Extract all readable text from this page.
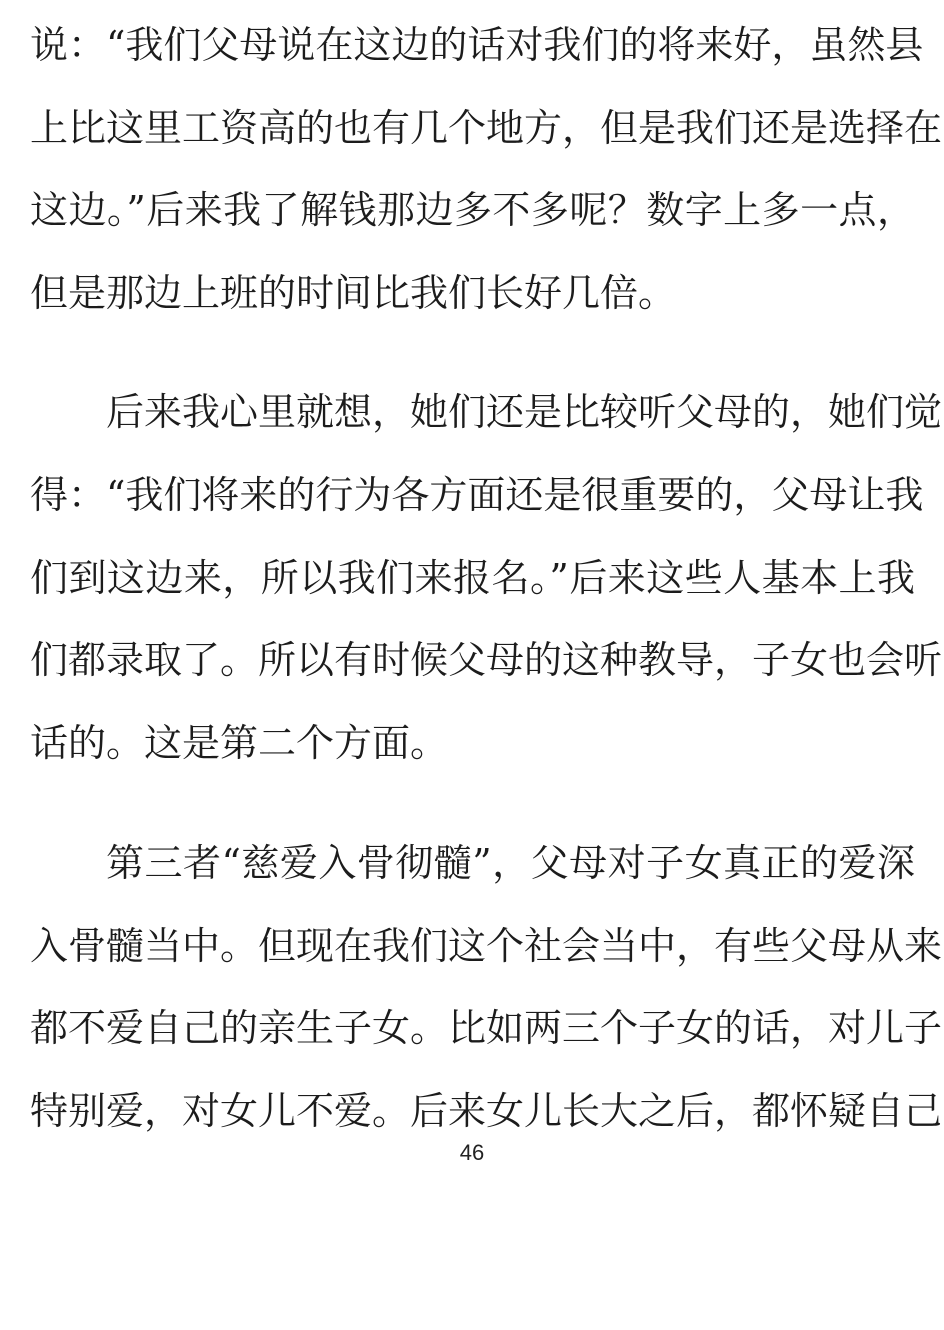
说：“我们父母说在这边的话对我们的将来好，虽然县
上比这里工资高的也有几个地方，但是我们还是选择在
这边。”后来我了解钱那边多不多呢？数字上多一点，
但是那边上班的时间比我们长好几倍。
后来我心里就想，她们还是比较听父母的，她们觉
得：“我们将来的行为各方面还是很重要的，父母让我
们到这边来，所以我们来报名。”后来这些人基本上我
们都录取了。所以有时候父母的这种教导，子女也会听
话的。这是第二个方面。
第三者“慈爱入骨彻髓”，父母对子女真正的爱深
入骨髓当中。但现在我们这个社会当中，有些父母从来
都不爱自己的亲生子女。比如两三个子女的话，对儿子
特别爱，对女儿不爱。后来女儿长大之后，都怀疑自己
46
